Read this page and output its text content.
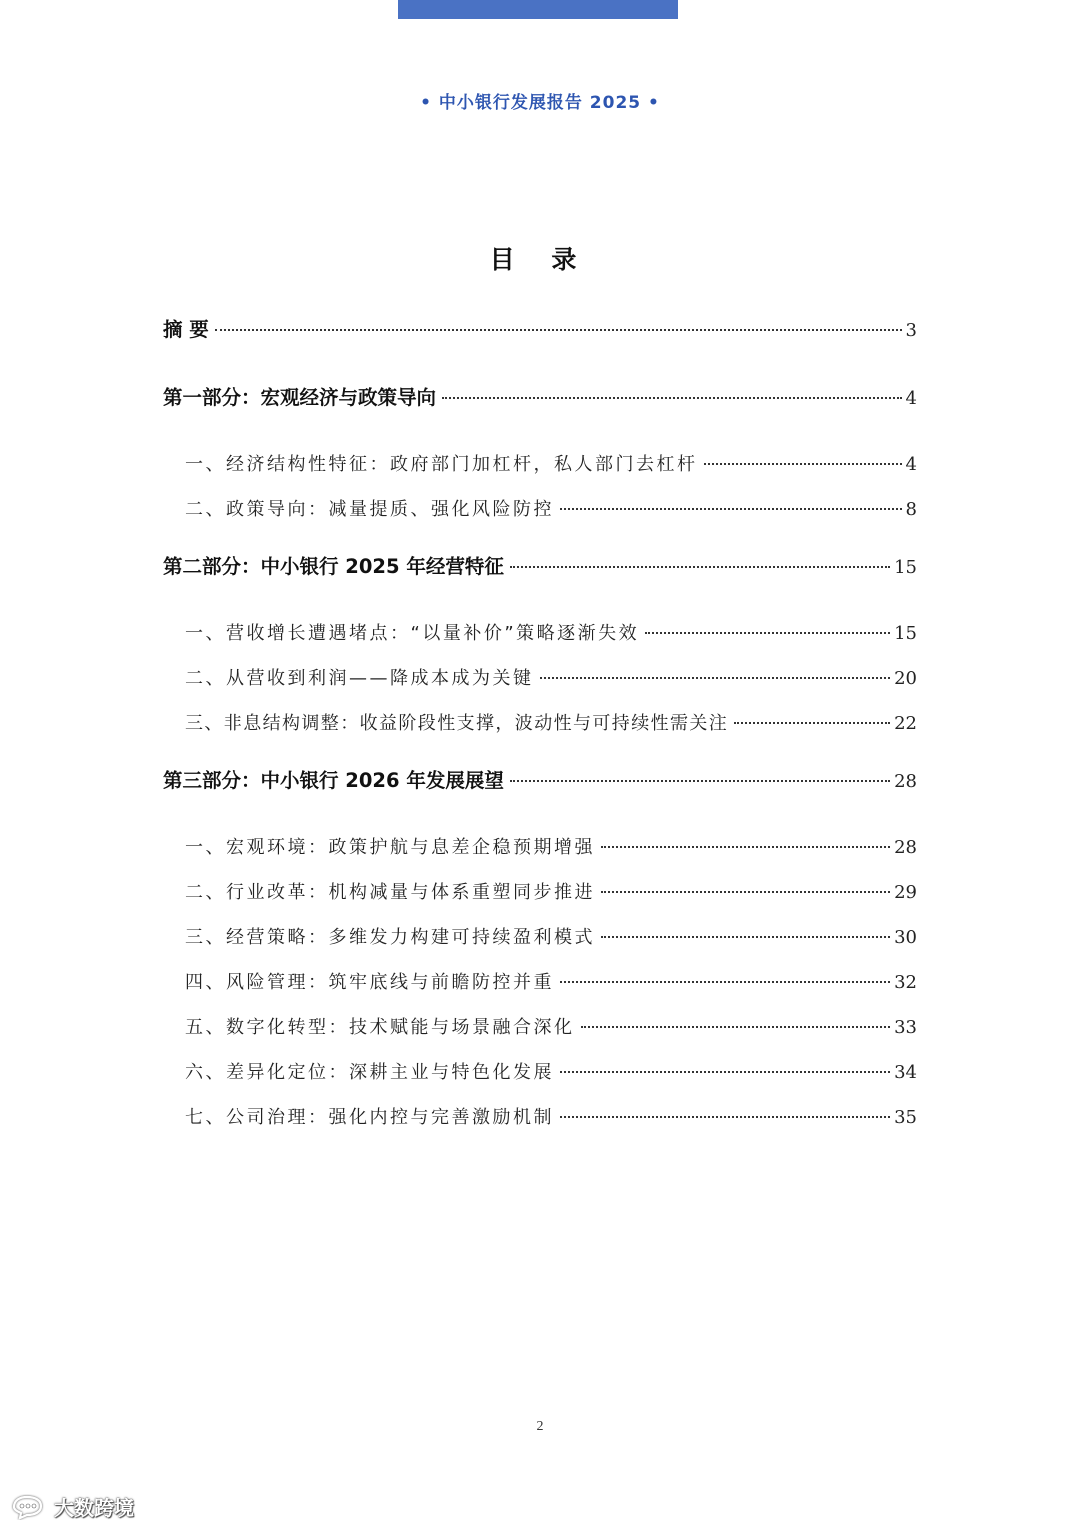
• 中小银行发展报告 2025 •
目 录
摘 要	3
第一部分：宏观经济与政策导向	4
一、经济结构性特征：政府部门加杠杆，私人部门去杠杆	4
二、政策导向：减量提质、强化风险防控	8
第二部分：中小银行 2025 年经营特征	15
一、营收增长遭遇堵点：“以量补价”策略逐渐失效	15
二、从营收到利润——降成本成为关键	20
三、非息结构调整：收益阶段性支撑，波动性与可持续性需关注	22
第三部分：中小银行 2026 年发展展望	28
一、宏观环境：政策护航与息差企稳预期增强	28
二、行业改革：机构减量与体系重塑同步推进	29
三、经营策略：多维发力构建可持续盈利模式	30
四、风险管理：筑牢底线与前瞻防控并重	32
五、数字化转型：技术赋能与场景融合深化	33
六、差异化定位：深耕主业与特色化发展	34
七、公司治理：强化内控与完善激励机制	35
2
大数跨境
